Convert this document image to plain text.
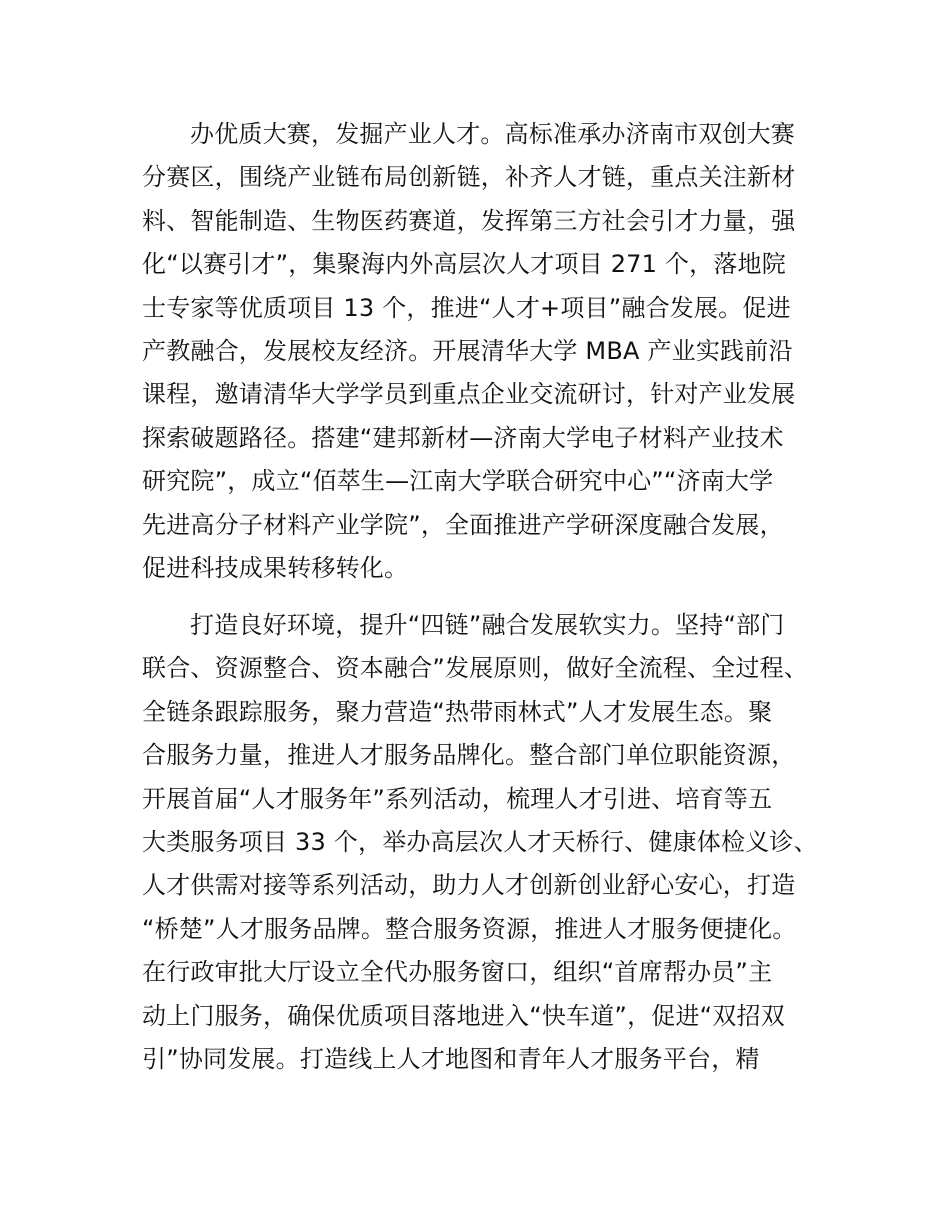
办优质大赛，发掘产业人才。高标准承办济南市双创大赛
分赛区，围绕产业链布局创新链，补齐人才链，重点关注新材
料、智能制造、生物医药赛道，发挥第三方社会引才力量，强
化“以赛引才”，集聚海内外高层次人才项目 271 个，落地院
士专家等优质项目 13 个，推进“人才+项目”融合发展。促进
产教融合，发展校友经济。开展清华大学 MBA 产业实践前沿
课程，邀请清华大学学员到重点企业交流研讨，针对产业发展
探索破题路径。搭建“建邦新材—济南大学电子材料产业技术
研究院”，成立“佰萃生—江南大学联合研究中心”“济南大学
先进高分子材料产业学院”，全面推进产学研深度融合发展，
促进科技成果转移转化。
打造良好环境，提升“四链”融合发展软实力。坚持“部门
联合、资源整合、资本融合”发展原则，做好全流程、全过程、
全链条跟踪服务，聚力营造“热带雨林式”人才发展生态。聚
合服务力量，推进人才服务品牌化。整合部门单位职能资源，
开展首届“人才服务年”系列活动，梳理人才引进、培育等五
大类服务项目 33 个，举办高层次人才天桥行、健康体检义诊、
人才供需对接等系列活动，助力人才创新创业舒心安心，打造
“桥楚”人才服务品牌。整合服务资源，推进人才服务便捷化。
在行政审批大厅设立全代办服务窗口，组织“首席帮办员”主
动上门服务，确保优质项目落地进入“快车道”，促进“双招双
引”协同发展。打造线上人才地图和青年人才服务平台，精
